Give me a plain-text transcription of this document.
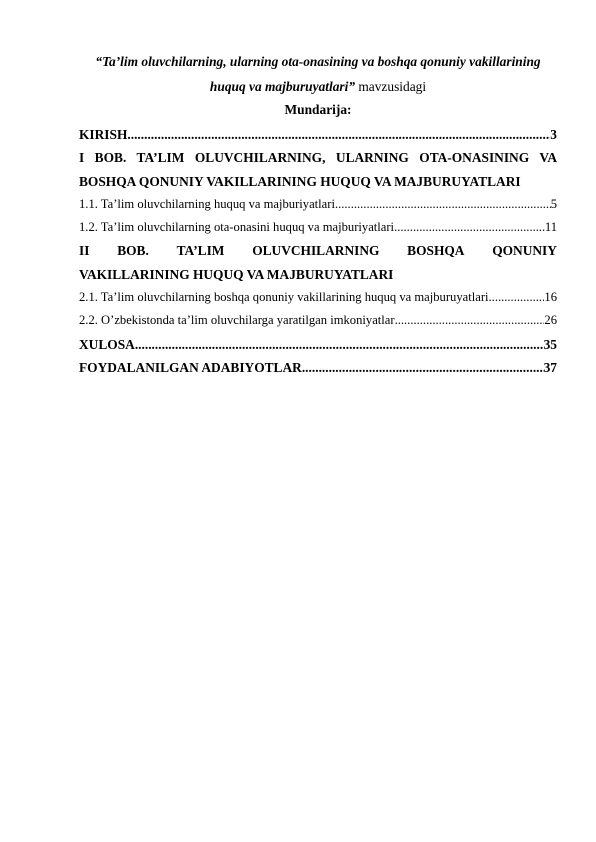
“Ta’lim oluvchilarning, ularning ota-onasining va boshqa qonuniy vakillarining huquq va majburuyatlari” mavzusidagi

Mundarija:

KIRISH .....	3
I BOB. TA’LIM OLUVCHILARNING, ULARNING OTA-ONASINING VA BOSHQA QONUNIY VAKILLARINING HUQUQ VA MAJBURUYATLARI
1.1. Ta’lim oluvchilarning huquq va majburiyatlari .....	5
1.2. Ta’lim oluvchilarning ota-onasini huquq va majburiyatlari .....	11
II BOB. TA’LIM OLUVCHILARNING BOSHQA QONUNIY
VAKILLARINING HUQUQ VA MAJBURUYATLARI
2.1. Ta’lim oluvchilarning boshqa qonuniy vakillarining huquq va majburuyatlari .....	16
2.2. O’zbekistonda ta’lim oluvchilarga yaratilgan imkoniyatlar .....	26
XULOSA .....	35
FOYDALANILGAN ADABIYOTLAR .....	37
